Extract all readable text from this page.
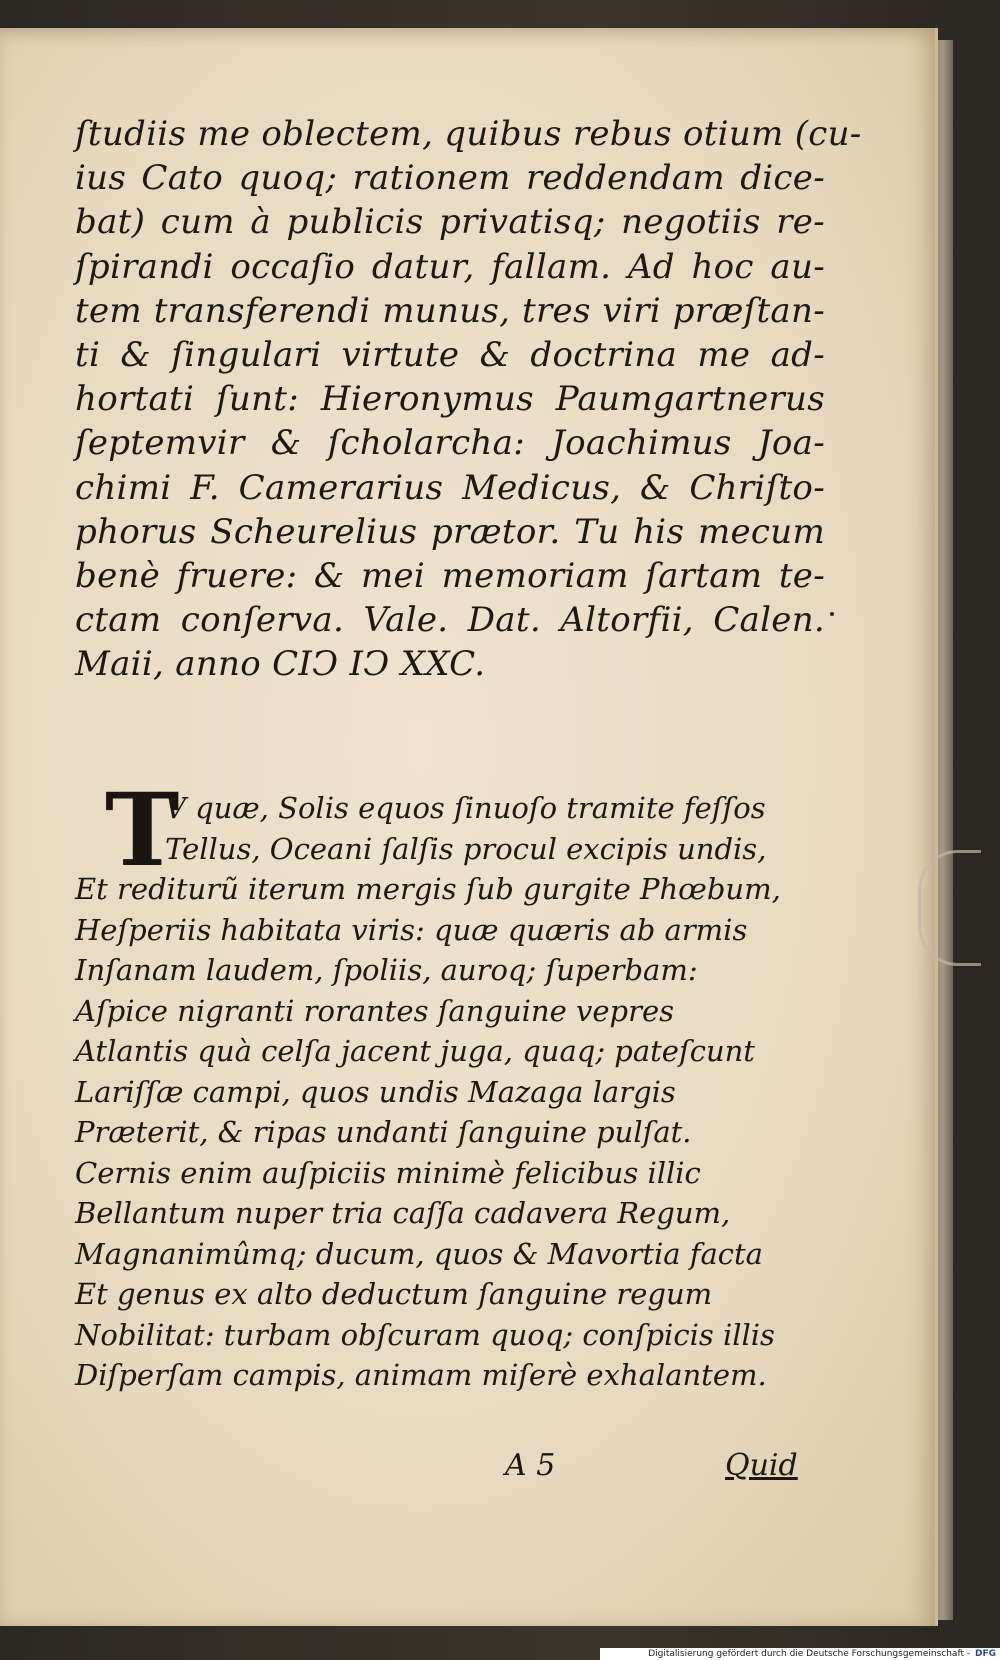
ſtudiis me oblectem, quibus rebus otium (cu-
ius Cato quoq; rationem reddendam dice-
bat) cum à publicis privatisq; negotiis re-
ſpirandi occaſio datur, fallam. Ad hoc au-
tem transferendi munus, tres viri præſtan-
ti & ſingulari virtute & doctrina me ad-
hortati ſunt: Hieronymus Paumgartnerus
ſeptemvir & ſcholarcha: Joachimus Joa-
chimi F. Camerarius Medicus, & Chriſto-
phorus Scheurelius prætor. Tu his mecum
benè fruere: & mei memoriam ſartam te-
ctam conſerva. Vale. Dat. Altorfii, Calen.
Maii, anno CIↃ IↃ XXC.
T
V quæ, Solis equos ſinuoſo tramite feſſos
Tellus, Oceani ſalſis procul excipis undis,
Et rediturũ iterum mergis ſub gurgite Phœbum,
Heſperiis habitata viris: quæ quæris ab armis
Inſanam laudem, ſpoliis, auroq; ſuperbam:
Aſpice nigranti rorantes ſanguine vepres
Atlantis quà celſa jacent juga, quaq; pateſcunt
Lariſſæ campi, quos undis Mazaga largis
Præterit, & ripas undanti ſanguine pulſat.
Cernis enim auſpiciis minimè felicibus illic
Bellantum nuper tria caſſa cadavera Regum,
Magnanimûmq; ducum, quos & Mavortia facta
Et genus ex alto deductum ſanguine regum
Nobilitat: turbam obſcuram quoq; conſpicis illis
Diſperſam campis, animam miſerè exhalantem.
A 5	Quid
Digitalisierung gefördert durch die Deutsche Forschungsgemeinschaft - DFG
